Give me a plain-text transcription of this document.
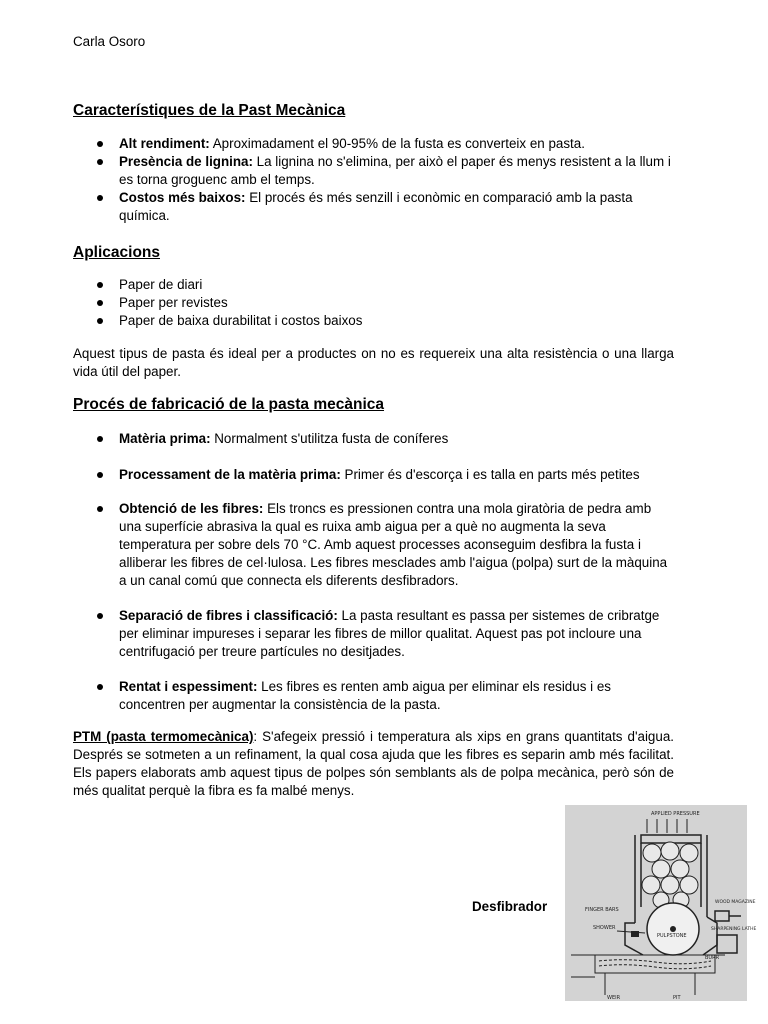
Carla Osoro
Característiques de la Past Mecànica
Alt rendiment: Aproximadament el 90-95% de la fusta es converteix en pasta.
Presència de lignina: La lignina no s'elimina, per això el paper és menys resistent a la llum i es torna groguenc amb el temps.
Costos més baixos: El procés és més senzill i econòmic en comparació amb la pasta química.
Aplicacions
Paper de diari
Paper per revistes
Paper de baixa durabilitat i costos baixos

Aquest tipus de pasta és ideal per a productes on no es requereix una alta resistència o una llarga vida útil del paper.

Procés de fabricació de la pasta mecànica
Matèria prima: Normalment s'utilitza fusta de coníferes
Processament de la matèria prima: Primer és d'escorça i es talla en parts més petites
Obtenció de les fibres: Els troncs es pressionen contra una mola giratòria de pedra amb una superfície abrasiva la qual es ruixa amb aigua per a què no augmenta la seva temperatura per sobre dels 70 °C. Amb aquest processes aconseguim desfibra la fusta i alliberar les fibres de cel·lulosa. Les fibres mesclades amb l'aigua (polpa) surt de la màquina a un canal comú que connecta els diferents desfibradors.
Separació de fibres i classificació: La pasta resultant es passa per sistemes de cribratge per eliminar impureses i separar les fibres de millor qualitat. Aquest pas pot incloure una centrifugació per treure partícules no desitjades.
Rentat i espessiment: Les fibres es renten amb aigua per eliminar els residus i es concentren per augmentar la consistència de la pasta.

PTM (pasta termomecànica): S'afegeix pressió i temperatura als xips en grans quantitats d'aigua. Després se sotmeten a un refinament, la qual cosa ajuda que les fibres es separin amb més facilitat. Els papers elaborats amb aquest tipus de polpes són semblants als de polpa mecànica, però són de més qualitat perquè la fibra es fa malbé menys.

Desfibrador
APPLIED PRESSURE
WOOD MAGAZINE
SHARPENING LATHE
FINGER BARS
SHOWER
PULPSTONE
BURR
WEIR	PIT
